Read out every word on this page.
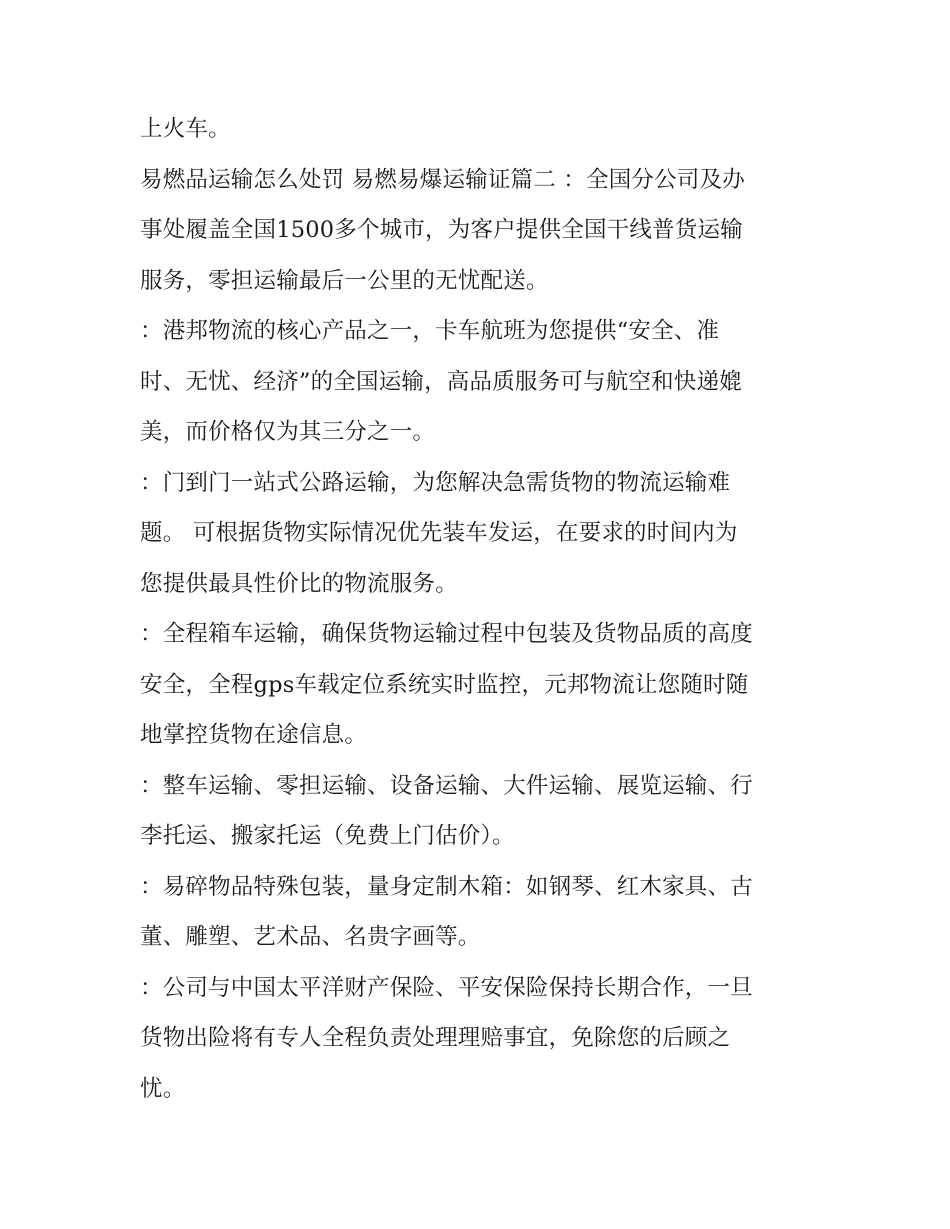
上火车。
易燃品运输怎么处罚 易燃易爆运输证篇二 ：全国分公司及办
事处履盖全国1500多个城市，为客户提供全国干线普货运输
服务，零担运输最后一公里的无忧配送。
：港邦物流的核心产品之一，卡车航班为您提供“安全、准
时、无忧、经济”的全国运输，高品质服务可与航空和快递媲
美，而价格仅为其三分之一。
：门到门一站式公路运输，为您解决急需货物的物流运输难
题。 可根据货物实际情况优先装车发运，在要求的时间内为
您提供最具性价比的物流服务。
：全程箱车运输，确保货物运输过程中包装及货物品质的高度
安全，全程gps车载定位系统实时监控，元邦物流让您随时随
地掌控货物在途信息。
：整车运输、零担运输、设备运输、大件运输、展览运输、行
李托运、搬家托运（免费上门估价）。
：易碎物品特殊包装，量身定制木箱：如钢琴、红木家具、古
董、雕塑、艺术品、名贵字画等。
：公司与中国太平洋财产保险、平安保险保持长期合作，一旦
货物出险将有专人全程负责处理理赔事宜，免除您的后顾之
忧。
